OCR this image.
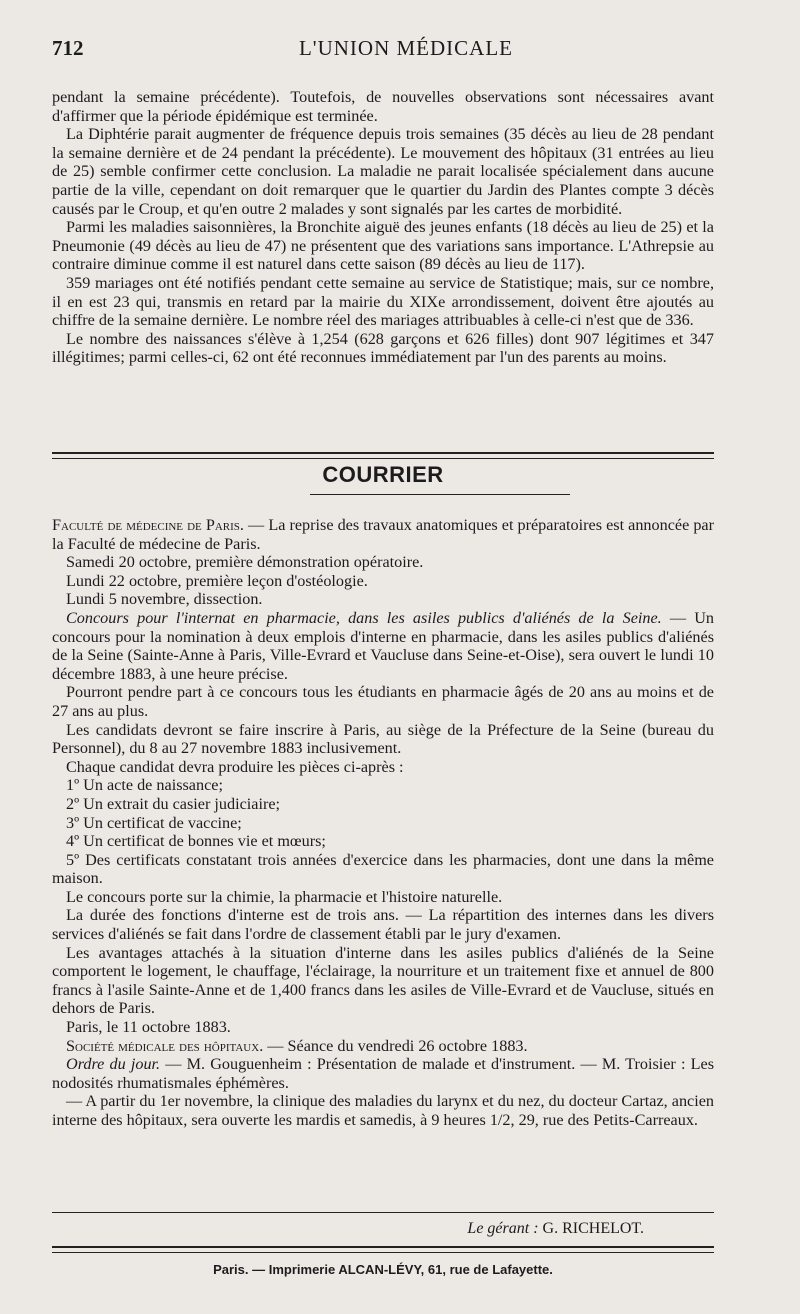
712	L'UNION MÉDICALE

pendant la semaine précédente). Toutefois, de nouvelles observations sont nécessaires avant d'affirmer que la période épidémique est terminée.

La Diphtérie parait augmenter de fréquence depuis trois semaines (35 décès au lieu de 28 pendant la semaine dernière et de 24 pendant la précédente). Le mouvement des hôpitaux (31 entrées au lieu de 25) semble confirmer cette conclusion. La maladie ne parait localisée spécialement dans aucune partie de la ville, cependant on doit remarquer que le quartier du Jardin des Plantes compte 3 décès causés par le Croup, et qu'en outre 2 malades y sont signalés par les cartes de morbidité.

Parmi les maladies saisonnières, la Bronchite aiguë des jeunes enfants (18 décès au lieu de 25) et la Pneumonie (49 décès au lieu de 47) ne présentent que des variations sans importance. L'Athrepsie au contraire diminue comme il est naturel dans cette saison (89 décès au lieu de 117).

359 mariages ont été notifiés pendant cette semaine au service de Statistique; mais, sur ce nombre, il en est 23 qui, transmis en retard par la mairie du XIXe arrondissement, doivent être ajoutés au chiffre de la semaine dernière. Le nombre réel des mariages attribuables à celle-ci n'est que de 336.

Le nombre des naissances s'élève à 1,254 (628 garçons et 626 filles) dont 907 légitimes et 347 illégitimes; parmi celles-ci, 62 ont été reconnues immédiatement par l'un des parents au moins.

COURRIER

Faculté de médecine de Paris. — La reprise des travaux anatomiques et préparatoires est annoncée par la Faculté de médecine de Paris.

Samedi 20 octobre, première démonstration opératoire.

Lundi 22 octobre, première leçon d'ostéologie.

Lundi 5 novembre, dissection.

Concours pour l'internat en pharmacie, dans les asiles publics d'aliénés de la Seine. — Un concours pour la nomination à deux emplois d'interne en pharmacie, dans les asiles publics d'aliénés de la Seine (Sainte-Anne à Paris, Ville-Evrard et Vaucluse dans Seine-et-Oise), sera ouvert le lundi 10 décembre 1883, à une heure précise.

Pourront pendre part à ce concours tous les étudiants en pharmacie âgés de 20 ans au moins et de 27 ans au plus.

Les candidats devront se faire inscrire à Paris, au siège de la Préfecture de la Seine (bureau du Personnel), du 8 au 27 novembre 1883 inclusivement.

Chaque candidat devra produire les pièces ci-après :

1º Un acte de naissance;

2º Un extrait du casier judiciaire;

3º Un certificat de vaccine;

4º Un certificat de bonnes vie et mœurs;

5º Des certificats constatant trois années d'exercice dans les pharmacies, dont une dans la même maison.

Le concours porte sur la chimie, la pharmacie et l'histoire naturelle.

La durée des fonctions d'interne est de trois ans. — La répartition des internes dans les divers services d'aliénés se fait dans l'ordre de classement établi par le jury d'examen.

Les avantages attachés à la situation d'interne dans les asiles publics d'aliénés de la Seine comportent le logement, le chauffage, l'éclairage, la nourriture et un traitement fixe et annuel de 800 francs à l'asile Sainte-Anne et de 1,400 francs dans les asiles de Ville-Evrard et de Vaucluse, situés en dehors de Paris.

Paris, le 11 octobre 1883.

Société médicale des hôpitaux. — Séance du vendredi 26 octobre 1883.

Ordre du jour. — M. Gouguenheim : Présentation de malade et d'instrument. — M. Troisier : Les nodosités rhumatismales éphémères.

— A partir du 1er novembre, la clinique des maladies du larynx et du nez, du docteur Cartaz, ancien interne des hôpitaux, sera ouverte les mardis et samedis, à 9 heures 1/2, 29, rue des Petits-Carreaux.

Le gérant : G. RICHELOT.
Paris. — Imprimerie ALCAN-LÉVY, 61, rue de Lafayette.
